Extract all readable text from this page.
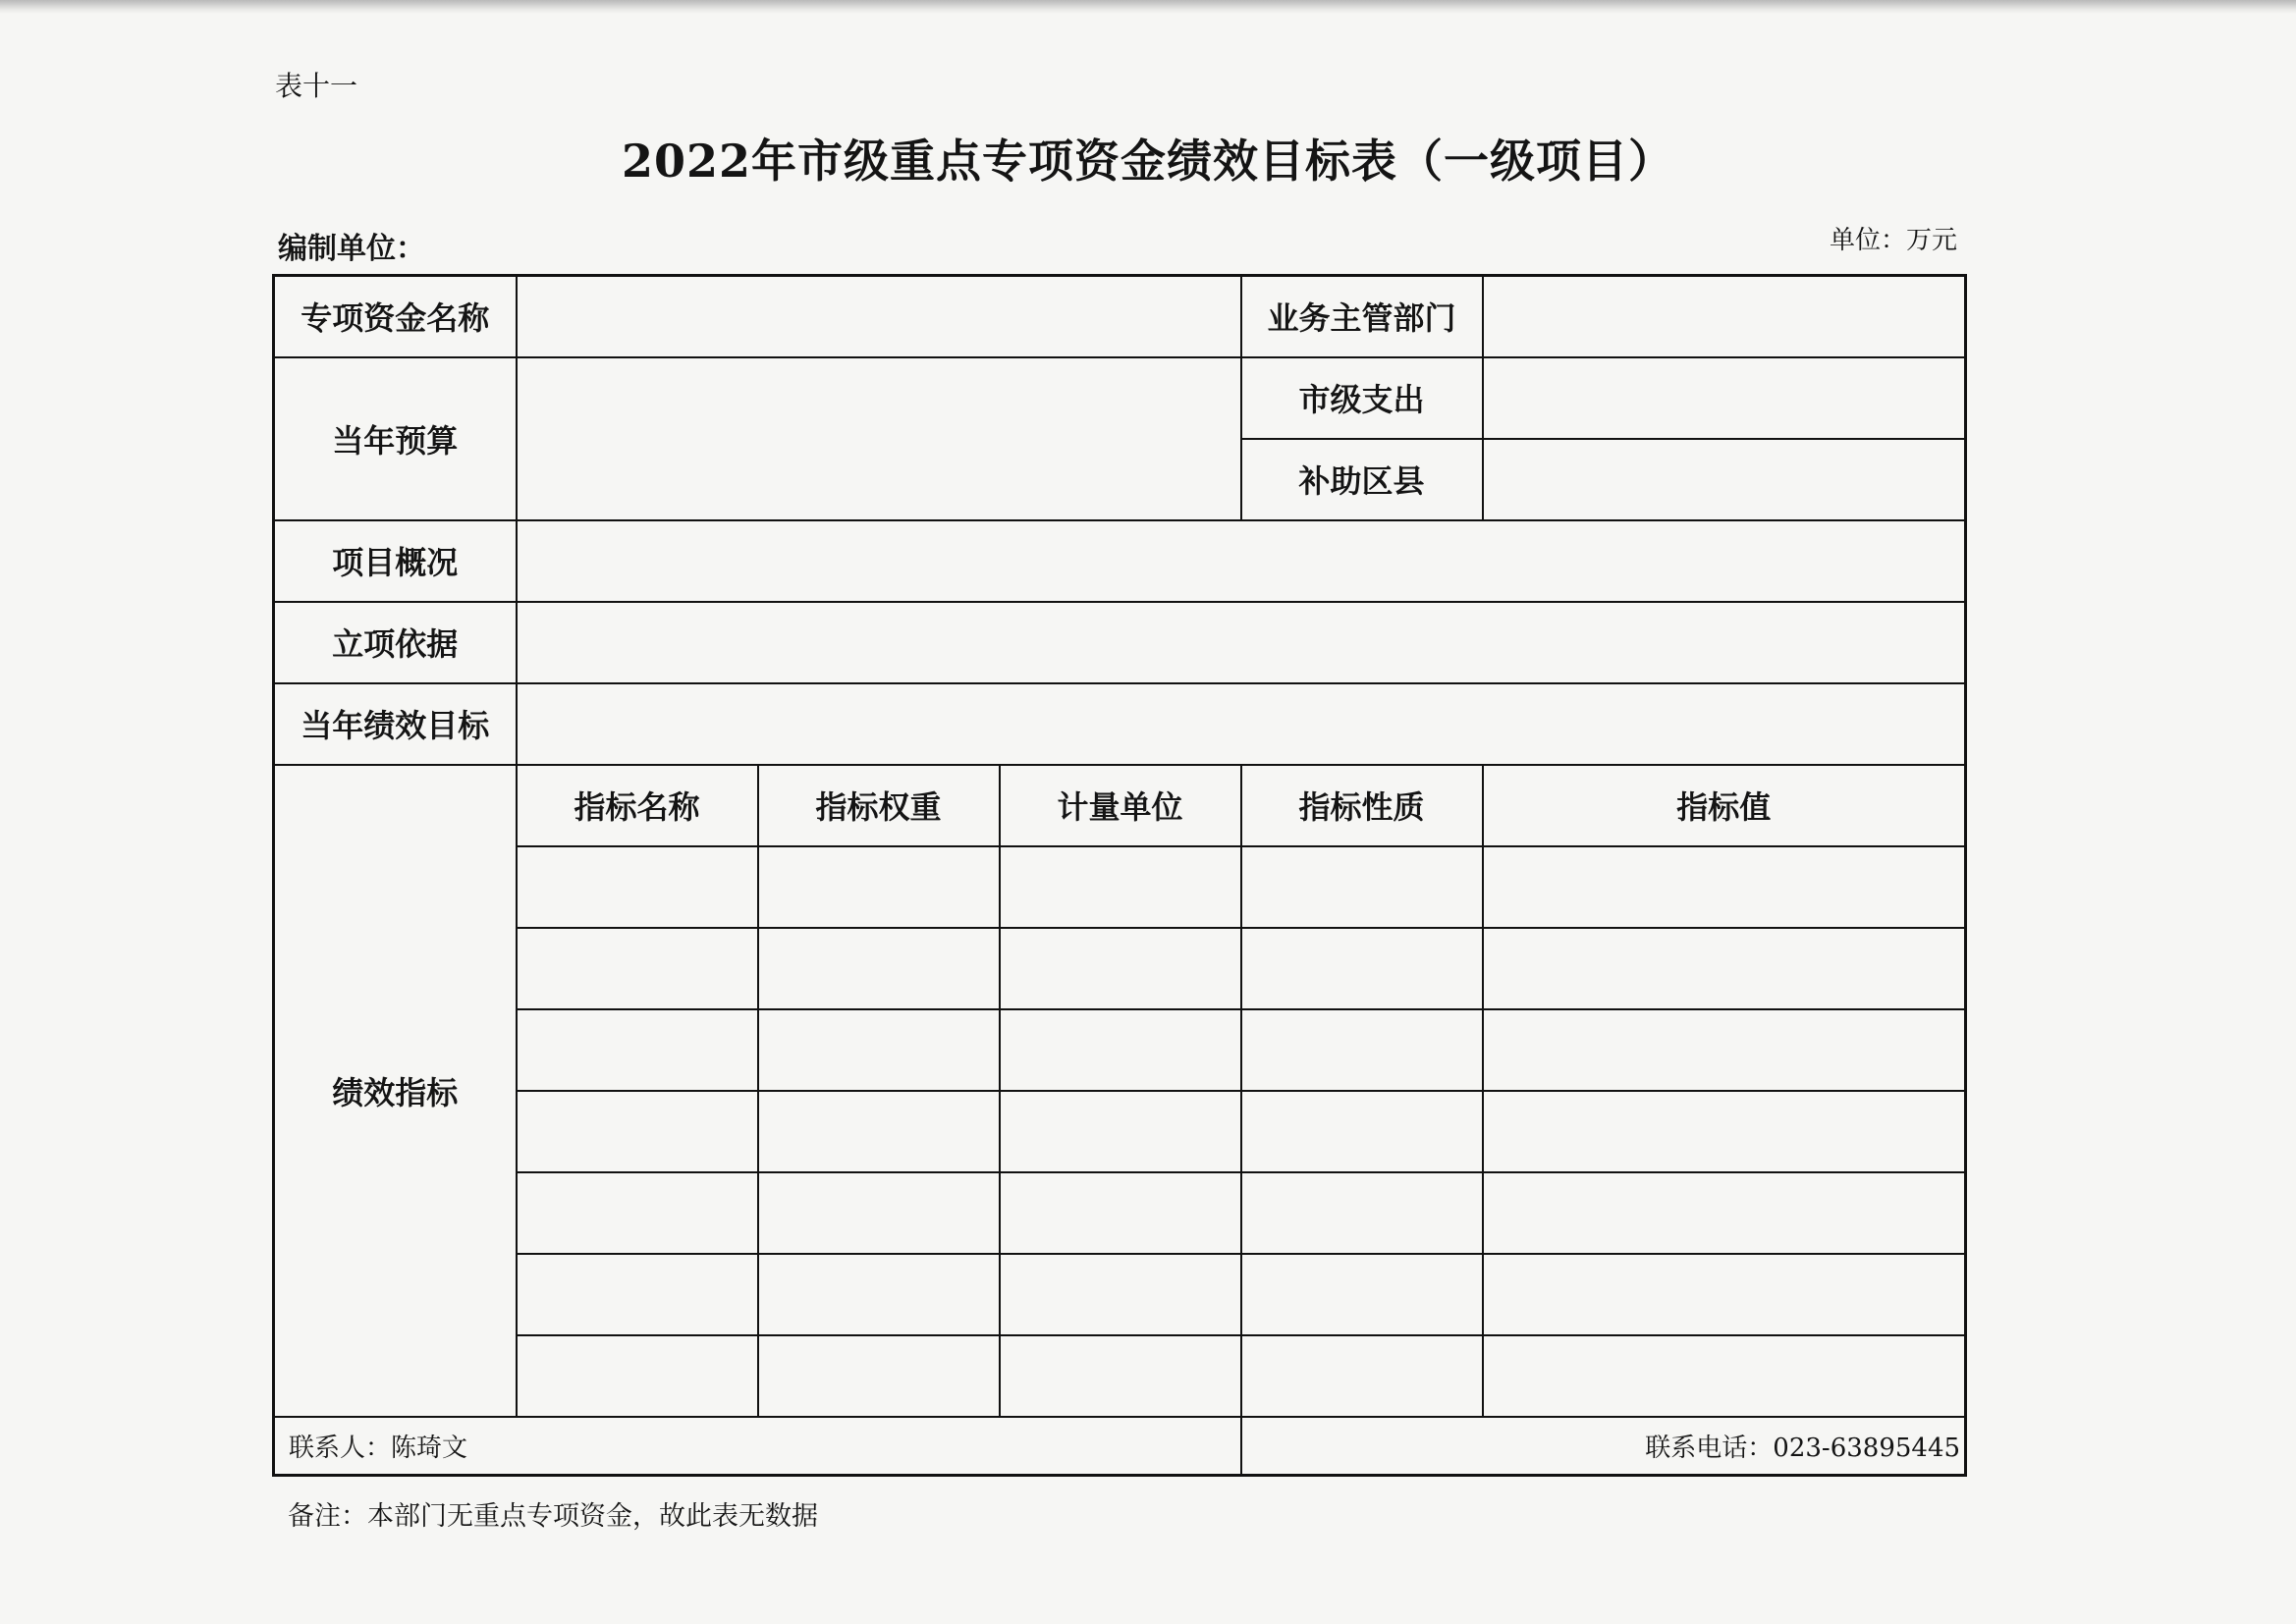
表十一
2022年市级重点专项资金绩效目标表（一级项目）
编制单位：	单位：万元
专项资金名称				业务主管部门	
当年预算				市级支出	
				补助区县	
项目概况					
立项依据					
当年绩效目标					
绩效指标	指标名称	指标权重	计量单位	指标性质	指标值

联系人：陈琦文				联系电话：023-63895445	
备注：本部门无重点专项资金，故此表无数据
